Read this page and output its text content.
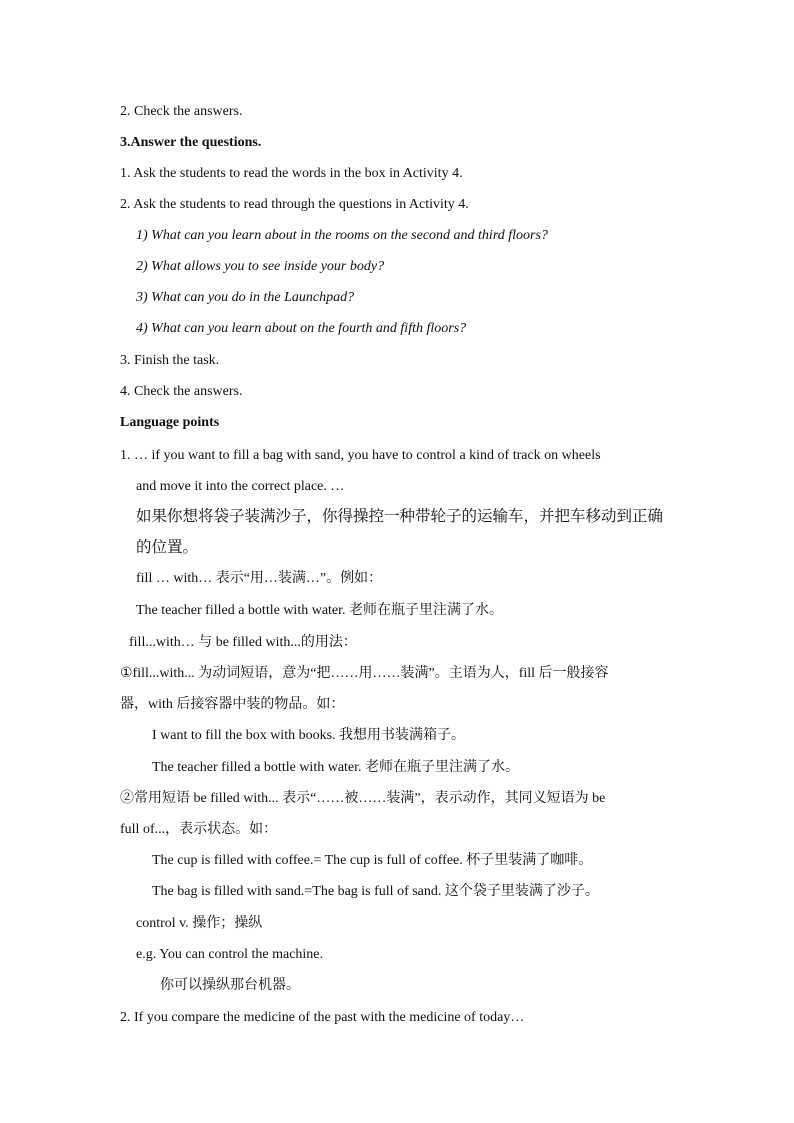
2. Check the answers.
3.Answer the questions.
1. Ask the students to read the words in the box in Activity 4.
2. Ask the students to read through the questions in Activity 4.
1) What can you learn about in the rooms on the second and third floors?
2) What allows you to see inside your body?
3) What can you do in the Launchpad?
4) What can you learn about on the fourth and fifth floors?
3. Finish the task.
4. Check the answers.
Language points
1. … if you want to fill a bag with sand, you have to control a kind of track on wheels
and move it into the correct place. …
如果你想将袋子装满沙子，你得操控一种带轮子的运输车，并把车移动到正确
的位置。
fill … with… 表示“用…装满…”。例如：
The teacher filled a bottle with water. 老师在瓶子里注满了水。
fill...with… 与 be filled with...的用法：
①fill...with... 为动词短语，意为“把……用……装满”。主语为人，fill 后一般接容
器，with 后接容器中装的物品。如：
I want to fill the box with books. 我想用书装满箱子。
The teacher filled a bottle with water. 老师在瓶子里注满了水。
②常用短语 be filled with... 表示“……被……装满”，表示动作，其同义短语为 be
full of...，表示状态。如：
The cup is filled with coffee.= The cup is full of coffee. 杯子里装满了咖啡。
The bag is filled with sand.=The bag is full of sand. 这个袋子里装满了沙子。
control v. 操作；操纵
e.g. You can control the machine.
你可以操纵那台机器。
2. If you compare the medicine of the past with the medicine of today…
